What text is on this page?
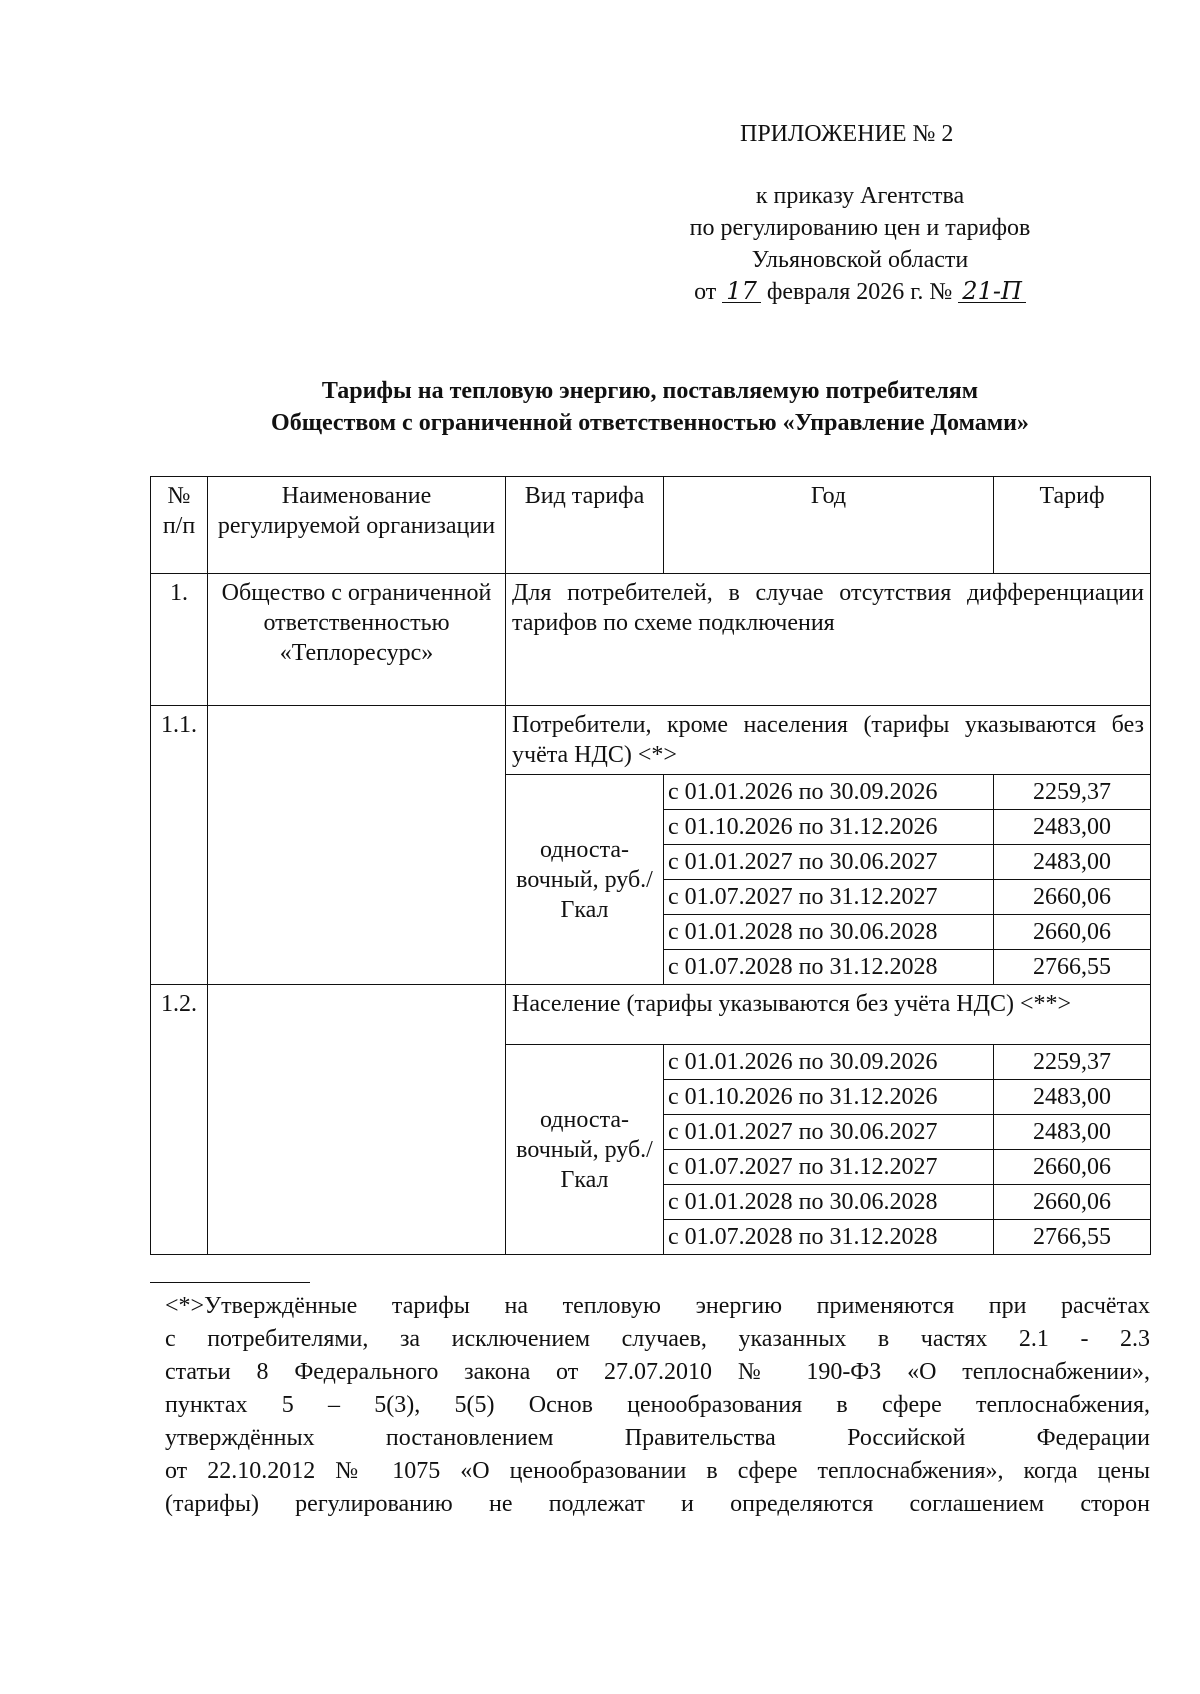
ПРИЛОЖЕНИЕ № 2
к приказу Агентства
по регулированию цен и тарифов
Ульяновской области
от 17 февраля 2026 г. № 21-П
Тарифы на тепловую энергию, поставляемую потребителям
Обществом с ограниченной ответственностью «Управление Домами»
№ п/п	Наименование регулируемой организации	Вид тарифа	Год	Тариф
1.	Общество с ограниченной ответственностью «Теплоресурс»	Для потребителей, в случае отсутствия дифференциации тарифов по схеме подключения		
1.1.		Потребители, кроме населения (тарифы указываются без учёта НДС) <*>		
		односта-вочный, руб./Гкал	с 01.01.2026 по 30.09.2026	2259,37
			с 01.10.2026 по 31.12.2026	2483,00
			с 01.01.2027 по 30.06.2027	2483,00
			с 01.07.2027 по 31.12.2027	2660,06
			с 01.01.2028 по 30.06.2028	2660,06
			с 01.07.2028 по 31.12.2028	2766,55
1.2.		Население (тарифы указываются без учёта НДС) <**>		
		односта-вочный, руб./Гкал	с 01.01.2026 по 30.09.2026	2259,37
			с 01.10.2026 по 31.12.2026	2483,00
			с 01.01.2027 по 30.06.2027	2483,00
			с 01.07.2027 по 31.12.2027	2660,06
			с 01.01.2028 по 30.06.2028	2660,06
			с 01.07.2028 по 31.12.2028	2766,55
<*>Утверждённые тарифы на тепловую энергию применяются при расчётах
с потребителями, за исключением случаев, указанных в частях 2.1 - 2.3
статьи 8 Федерального закона от 27.07.2010 № 190-ФЗ «О теплоснабжении»,
пунктах 5 – 5(3), 5(5) Основ ценообразования в сфере теплоснабжения,
утверждённых постановлением Правительства Российской Федерации
от 22.10.2012 № 1075 «О ценообразовании в сфере теплоснабжения», когда цены
(тарифы) регулированию не подлежат и определяются соглашением сторон
